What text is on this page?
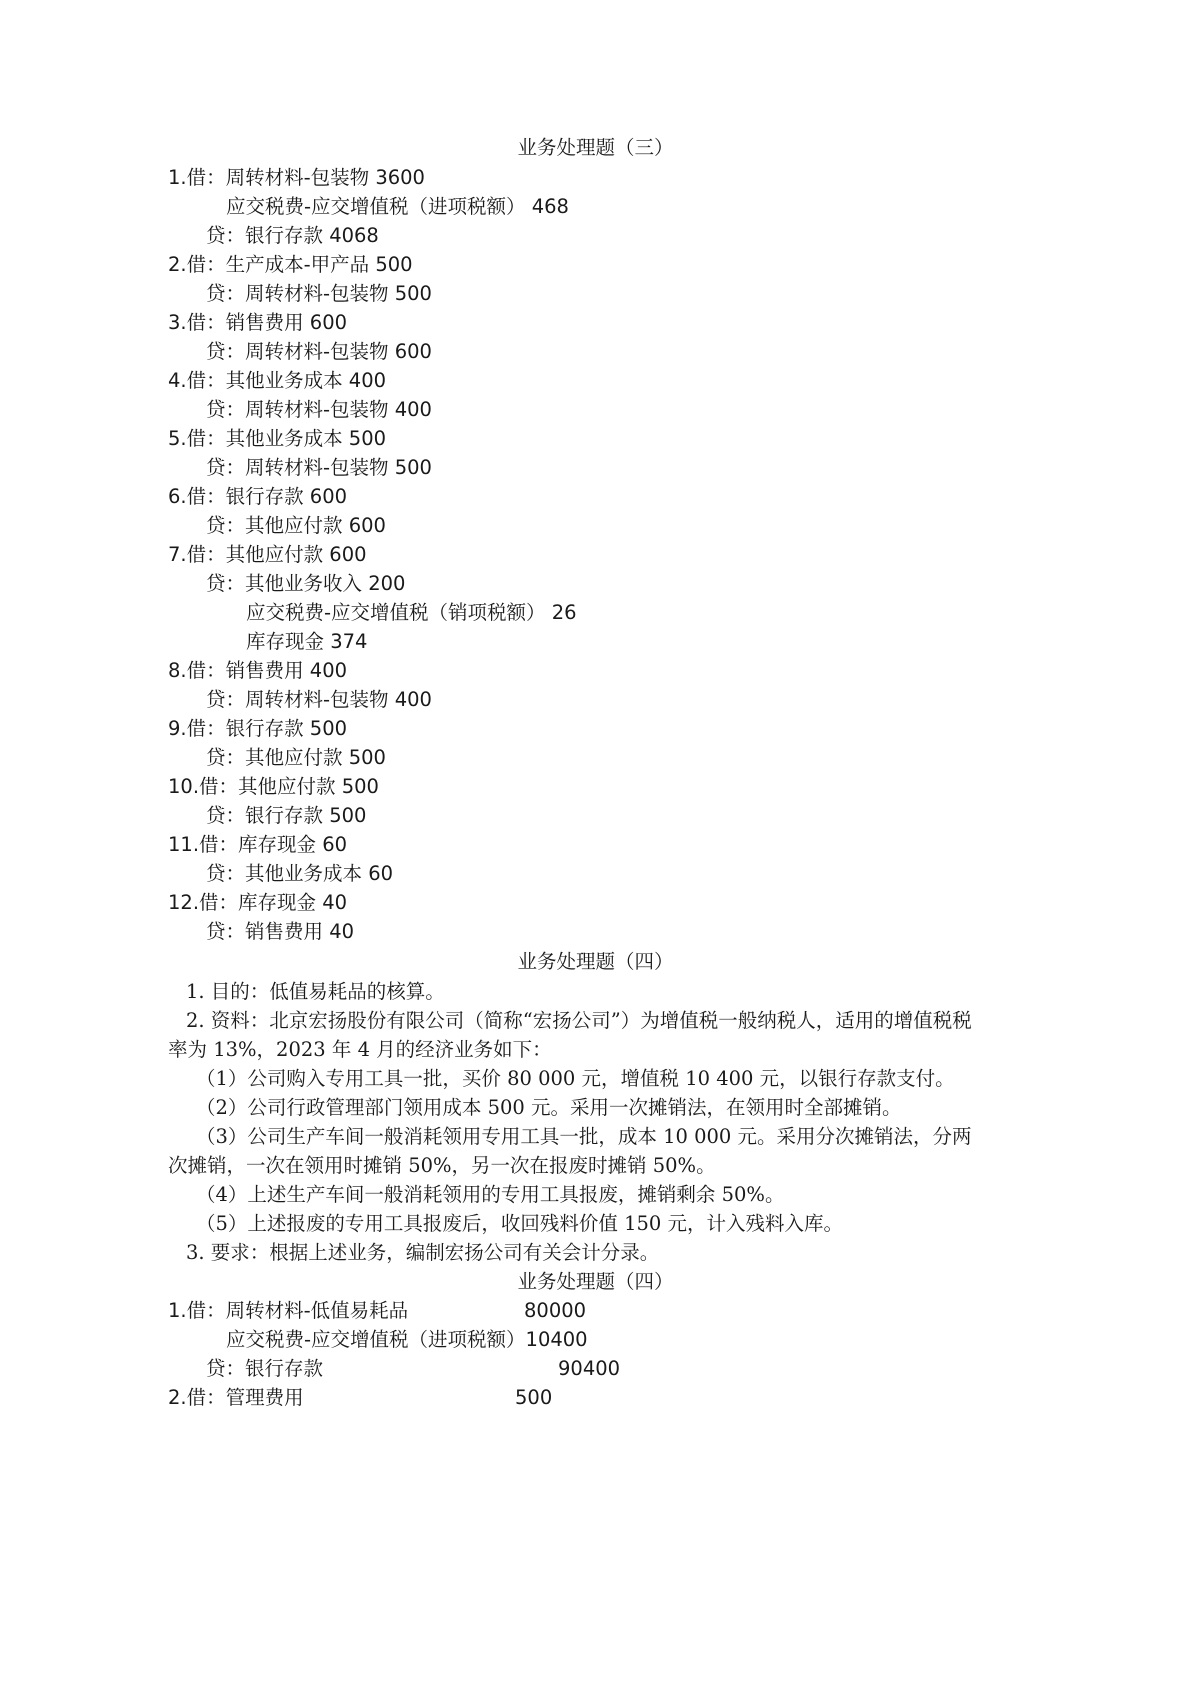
业务处理题（三）
1.借：周转材料-包装物 3600
应交税费-应交增值税（进项税额） 468
贷：银行存款 4068
2.借：生产成本-甲产品 500
贷：周转材料-包装物 500
3.借：销售费用 600
贷：周转材料-包装物 600
4.借：其他业务成本 400
贷：周转材料-包装物 400
5.借：其他业务成本 500
贷：周转材料-包装物 500
6.借：银行存款 600
贷：其他应付款 600
7.借：其他应付款 600
贷：其他业务收入 200
应交税费-应交增值税（销项税额） 26
库存现金 374
8.借：销售费用 400
贷：周转材料-包装物 400
9.借：银行存款 500
贷：其他应付款 500
10.借：其他应付款 500
贷：银行存款 500
11.借：库存现金 60
贷：其他业务成本 60
12.借：库存现金 40
贷：销售费用 40
业务处理题（四）
1. 目的：低值易耗品的核算。
2. 资料：北京宏扬股份有限公司（简称“宏扬公司”）为增值税一般纳税人，适用的增值税税
率为 13%，2023 年 4 月的经济业务如下：
（1）公司购入专用工具一批，买价 80 000 元，增值税 10 400 元，以银行存款支付。
（2）公司行政管理部门领用成本 500 元。采用一次摊销法，在领用时全部摊销。
（3）公司生产车间一般消耗领用专用工具一批，成本 10 000 元。采用分次摊销法，分两
次摊销，一次在领用时摊销 50%，另一次在报废时摊销 50%。
（4）上述生产车间一般消耗领用的专用工具报废，摊销剩余 50%。
（5）上述报废的专用工具报废后，收回残料价值 150 元，计入残料入库。
3. 要求：根据上述业务，编制宏扬公司有关会计分录。
业务处理题（四）
1.借：周转材料-低值易耗品	80000
应交税费-应交增值税（进项税额）10400
贷：银行存款	90400
2.借：管理费用	500
